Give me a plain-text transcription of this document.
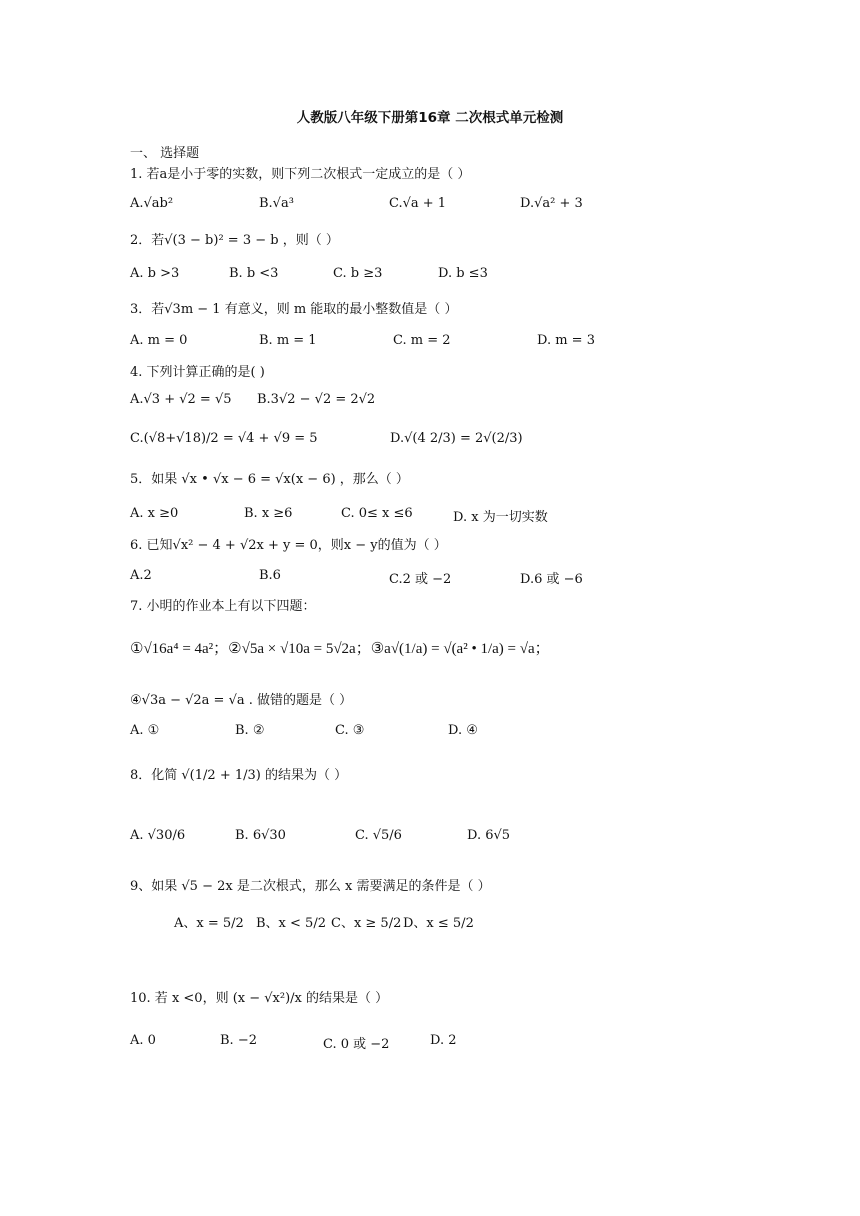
人教版八年级下册第16章 二次根式单元检测
一、 选择题
1. 若a是小于零的实数，则下列二次根式一定成立的是（ ）
A.√ab²	B.√a³	C.√a + 1	D.√a² + 3
2．若√(3 − b)² = 3 − b ，则（ ）
A. b >3	B. b <3	C. b ≥3	D. b ≤3
3．若√3m − 1 有意义，则 m 能取的最小整数值是（ ）
A. m = 0	B. m = 1	C. m = 2	D. m = 3
4. 下列计算正确的是( )
A.√3 + √2 = √5 B.3√2 − √2 = 2√2
C.(√8+√18)/2 = √4 + √9 = 5	D.√(4 2/3) = 2√(2/3)
5．如果 √x • √x − 6 = √x(x − 6) ，那么（ ）
A. x ≥0	B. x ≥6	C. 0≤ x ≤6	D. x 为一切实数
6. 已知√x² − 4 + √2x + y = 0，则x − y的值为（ ）
A.2	B.6	C.2 或 −2	D.6 或 −6
7. 小明的作业本上有以下四题：
①√16a⁴ = 4a²；②√5a × √10a = 5√2a；③a√(1/a) = √(a² • 1/a) = √a；
④√3a − √2a = √a . 做错的题是（ ）
A. ①	B. ②	C. ③	D. ④
8．化简 √(1/2 + 1/3) 的结果为（ ）
A. √30/6	B. 6√30	C. √5/6	D. 6√5
9、如果 √5 − 2x 是二次根式，那么 x 需要满足的条件是（ ）
A、x = 5/2 B、x < 5/2 C、x ≥ 5/2 D、x ≤ 5/2
10. 若 x <0，则 (x − √x²)/x 的结果是（ ）
A. 0	B. −2	C. 0 或 −2	D. 2
